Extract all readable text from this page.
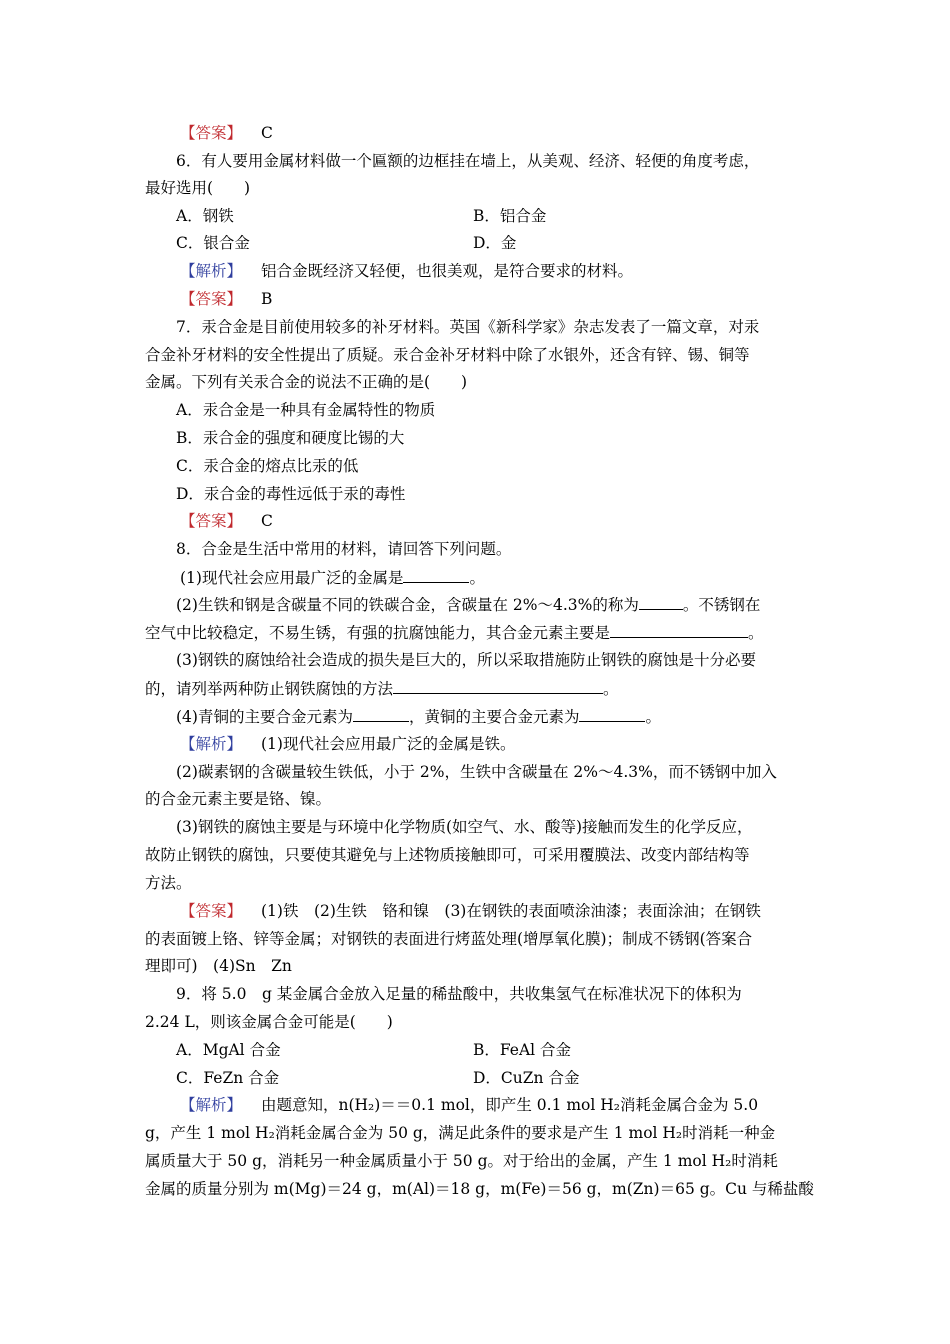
【答案】 C
6．有人要用金属材料做一个匾额的边框挂在墙上，从美观、经济、轻便的角度考虑，
最好选用(　　)
A．钢铁	B．铝合金
C．银合金	D．金
【解析】 铝合金既经济又轻便，也很美观，是符合要求的材料。
【答案】 B
7．汞合金是目前使用较多的补牙材料。英国《新科学家》杂志发表了一篇文章，对汞
合金补牙材料的安全性提出了质疑。汞合金补牙材料中除了水银外，还含有锌、锡、铜等
金属。下列有关汞合金的说法不正确的是(　　)
A．汞合金是一种具有金属特性的物质
B．汞合金的强度和硬度比锡的大
C．汞合金的熔点比汞的低
D．汞合金的毒性远低于汞的毒性
【答案】 C
8．合金是生活中常用的材料，请回答下列问题。
(1)现代社会应用最广泛的金属是	。
(2)生铁和钢是含碳量不同的铁碳合金，含碳量在 2%～4.3%的称为	。不锈钢在
空气中比较稳定，不易生锈，有强的抗腐蚀能力，其合金元素主要是	。
(3)钢铁的腐蚀给社会造成的损失是巨大的，所以采取措施防止钢铁的腐蚀是十分必要
的，请列举两种防止钢铁腐蚀的方法	。
(4)青铜的主要合金元素为	，黄铜的主要合金元素为	。
【解析】 (1)现代社会应用最广泛的金属是铁。
(2)碳素钢的含碳量较生铁低，小于 2%，生铁中含碳量在 2%～4.3%，而不锈钢中加入
的合金元素主要是铬、镍。
(3)钢铁的腐蚀主要是与环境中化学物质(如空气、水、酸等)接触而发生的化学反应，
故防止钢铁的腐蚀，只要使其避免与上述物质接触即可，可采用覆膜法、改变内部结构等
方法。
【答案】 (1)铁　(2)生铁　铬和镍　(3)在钢铁的表面喷涂油漆；表面涂油；在钢铁
的表面镀上铬、锌等金属；对钢铁的表面进行烤蓝处理(增厚氧化膜)；制成不锈钢(答案合
理即可)　(4)Sn　Zn
9．将 5.0　g 某金属合金放入足量的稀盐酸中，共收集氢气在标准状况下的体积为
2.24 L，则该金属合金可能是(　　)
A．MgAl 合金	B．FeAl 合金
C．FeZn 合金	D．CuZn 合金
【解析】 由题意知，n(H₂)＝＝0.1 mol，即产生 0.1 mol H₂消耗金属合金为 5.0
g，产生 1 mol H₂消耗金属合金为 50 g，满足此条件的要求是产生 1 mol H₂时消耗一种金
属质量大于 50 g，消耗另一种金属质量小于 50 g。对于给出的金属，产生 1 mol H₂时消耗
金属的质量分别为 m(Mg)＝24 g，m(Al)＝18 g，m(Fe)＝56 g，m(Zn)＝65 g。Cu 与稀盐酸
